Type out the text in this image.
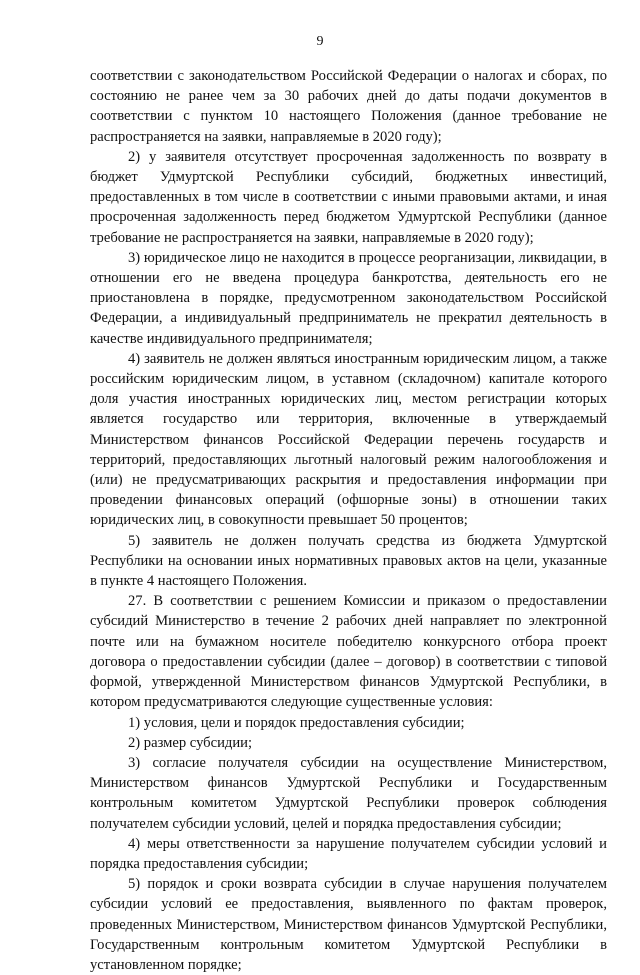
9

соответствии с законодательством Российской Федерации о налогах и сборах, по состоянию не ранее чем за 30 рабочих дней до даты подачи документов в соответствии с пунктом 10 настоящего Положения (данное требование не распространяется на заявки, направляемые в 2020 году);

2) у заявителя отсутствует просроченная задолженность по возврату в бюджет Удмуртской Республики субсидий, бюджетных инвестиций, предоставленных в том числе в соответствии с иными правовыми актами, и иная просроченная задолженность перед бюджетом Удмуртской Республики (данное требование не распространяется на заявки, направляемые в 2020 году);

3) юридическое лицо не находится в процессе реорганизации, ликвидации, в отношении его не введена процедура банкротства, деятельность его не приостановлена в порядке, предусмотренном законодательством Российской Федерации, а индивидуальный предприниматель не прекратил деятельность в качестве индивидуального предпринимателя;

4) заявитель не должен являться иностранным юридическим лицом, а также российским юридическим лицом, в уставном (складочном) капитале которого доля участия иностранных юридических лиц, местом регистрации которых является государство или территория, включенные в утверждаемый Министерством финансов Российской Федерации перечень государств и территорий, предоставляющих льготный налоговый режим налогообложения и (или) не предусматривающих раскрытия и предоставления информации при проведении финансовых операций (офшорные зоны) в отношении таких юридических лиц, в совокупности превышает 50 процентов;

5) заявитель не должен получать средства из бюджета Удмуртской Республики на основании иных нормативных правовых актов на цели, указанные в пункте 4 настоящего Положения.

27. В соответствии с решением Комиссии и приказом о предоставлении субсидий Министерство в течение 2 рабочих дней направляет по электронной почте или на бумажном носителе победителю конкурсного отбора проект договора о предоставлении субсидии (далее – договор) в соответствии с типовой формой, утвержденной Министерством финансов Удмуртской Республики, в котором предусматриваются следующие существенные условия:

1) условия, цели и порядок предоставления субсидии;

2) размер субсидии;

3) согласие получателя субсидии на осуществление Министерством, Министерством финансов Удмуртской Республики и Государственным контрольным комитетом Удмуртской Республики проверок соблюдения получателем субсидии условий, целей и порядка предоставления субсидии;

4) меры ответственности за нарушение получателем субсидии условий и порядка предоставления субсидии;

5) порядок и сроки возврата субсидии в случае нарушения получателем субсидии условий ее предоставления, выявленного по фактам проверок, проведенных Министерством, Министерством финансов Удмуртской Республики, Государственным контрольным комитетом Удмуртской Республики в установленном порядке;
